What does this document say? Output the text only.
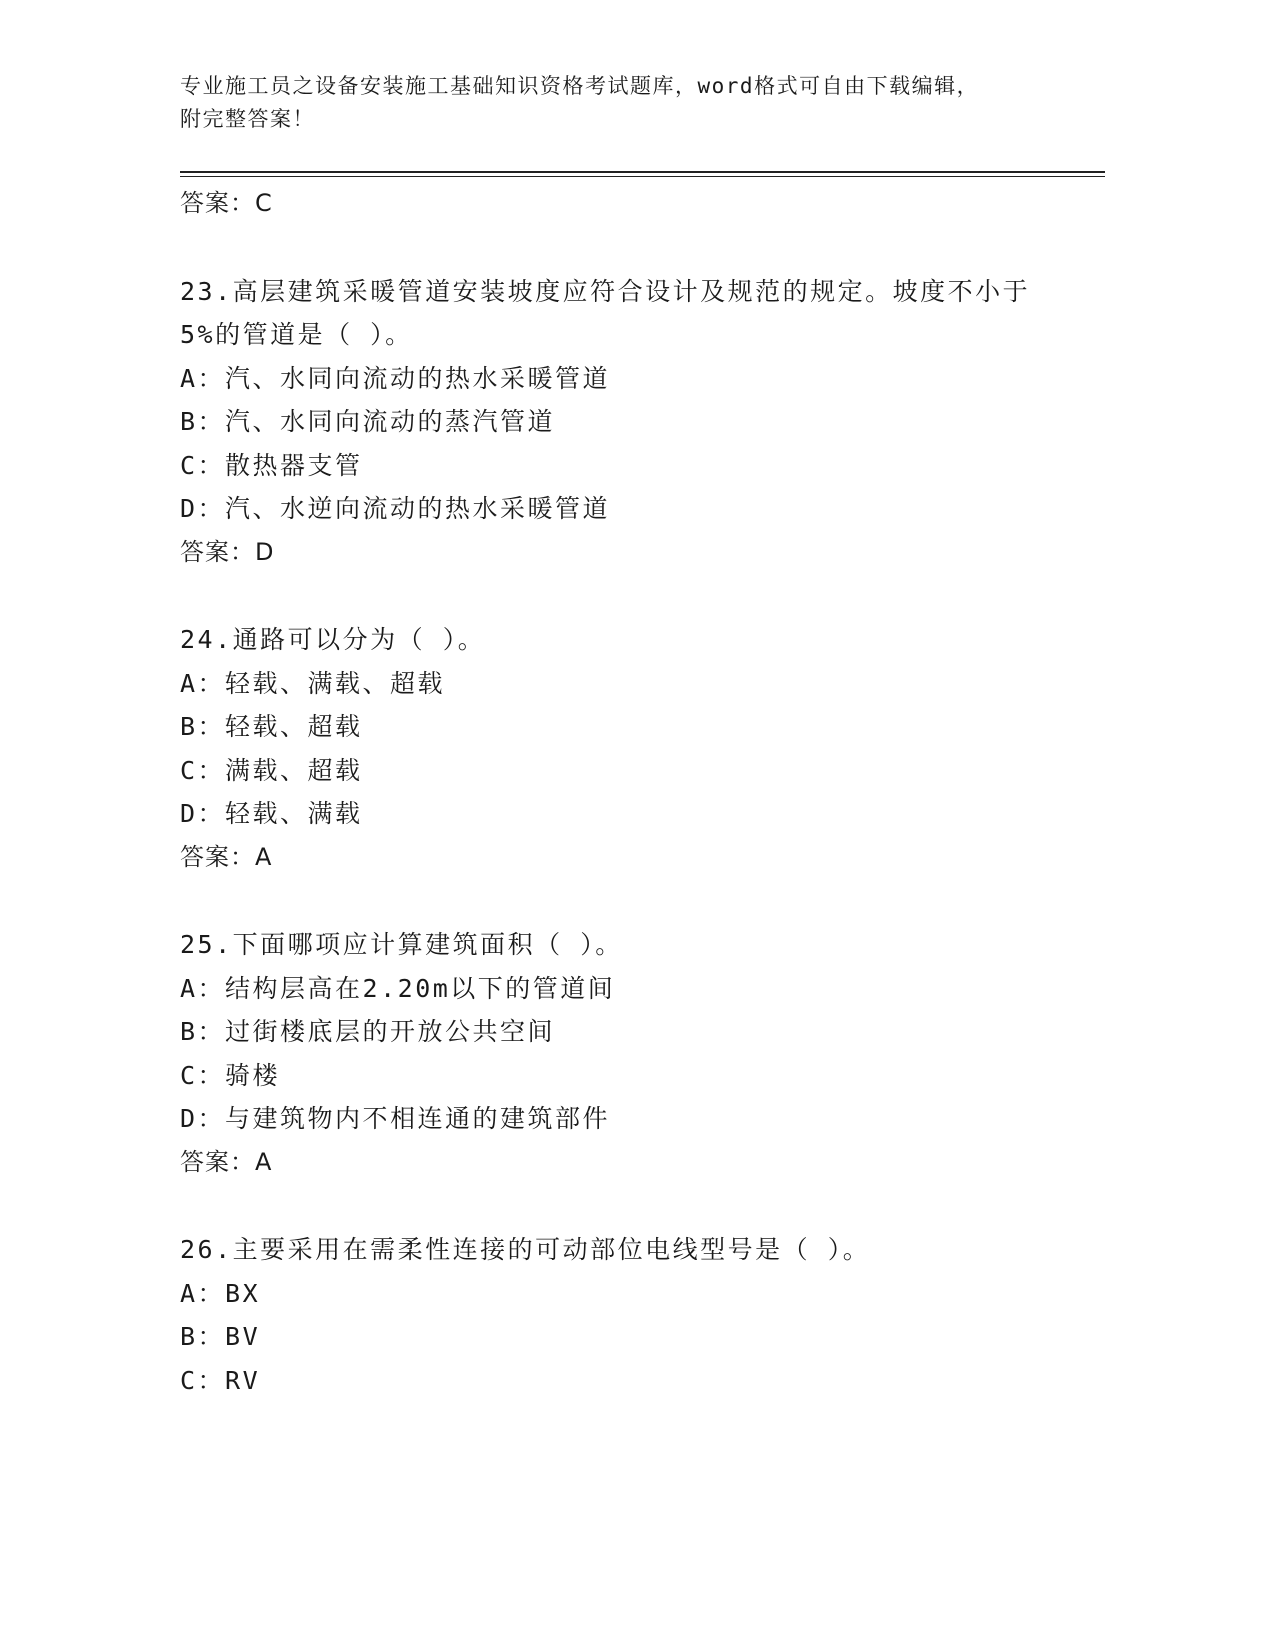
专业施工员之设备安装施工基础知识资格考试题库，word格式可自由下载编辑，
附完整答案！
答案：C
23.高层建筑采暖管道安装坡度应符合设计及规范的规定。坡度不小于
5%的管道是（ ）。
A：汽、水同向流动的热水采暖管道
B：汽、水同向流动的蒸汽管道
C：散热器支管
D：汽、水逆向流动的热水采暖管道
答案：D
24.通路可以分为（ ）。
A：轻载、满载、超载
B：轻载、超载
C：满载、超载
D：轻载、满载
答案：A
25.下面哪项应计算建筑面积（ ）。
A：结构层高在2.20m以下的管道间
B：过街楼底层的开放公共空间
C：骑楼
D：与建筑物内不相连通的建筑部件
答案：A
26.主要采用在需柔性连接的可动部位电线型号是（ ）。
A：BX
B：BV
C：RV
